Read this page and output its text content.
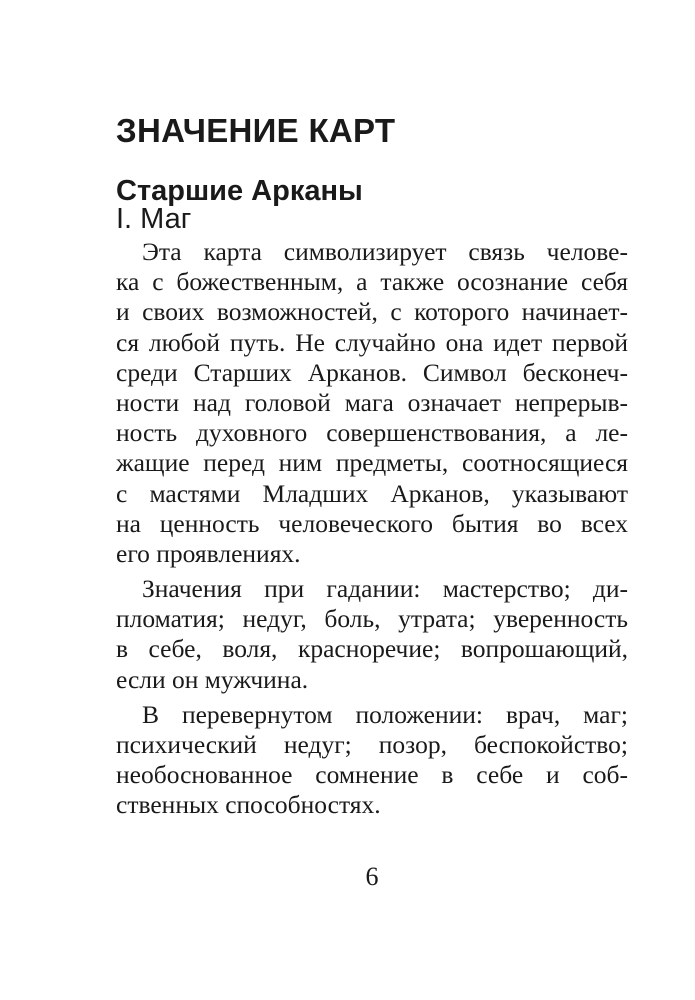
ЗНАЧЕНИЕ КАРТ
Старшие Арканы
I. Маг
Эта карта символизирует связь челове-
ка с божественным, а также осознание себя
и своих возможностей, с которого начинает-
ся любой путь. Не случайно она идет первой
среди Старших Арканов. Символ бесконеч-
ности над головой мага означает непрерыв-
ность духовного совершенствования, а ле-
жащие перед ним предметы, соотносящиеся
с мастями Младших Арканов, указывают
на ценность человеческого бытия во всех
его проявлениях.
Значения при гадании: мастерство; ди-
пломатия; недуг, боль, утрата; уверенность
в себе, воля, красноречие; вопрошающий,
если он мужчина.
В перевернутом положении: врач, маг;
психический недуг; позор, беспокойство;
необоснованное сомнение в себе и соб-
ственных способностях.

6
